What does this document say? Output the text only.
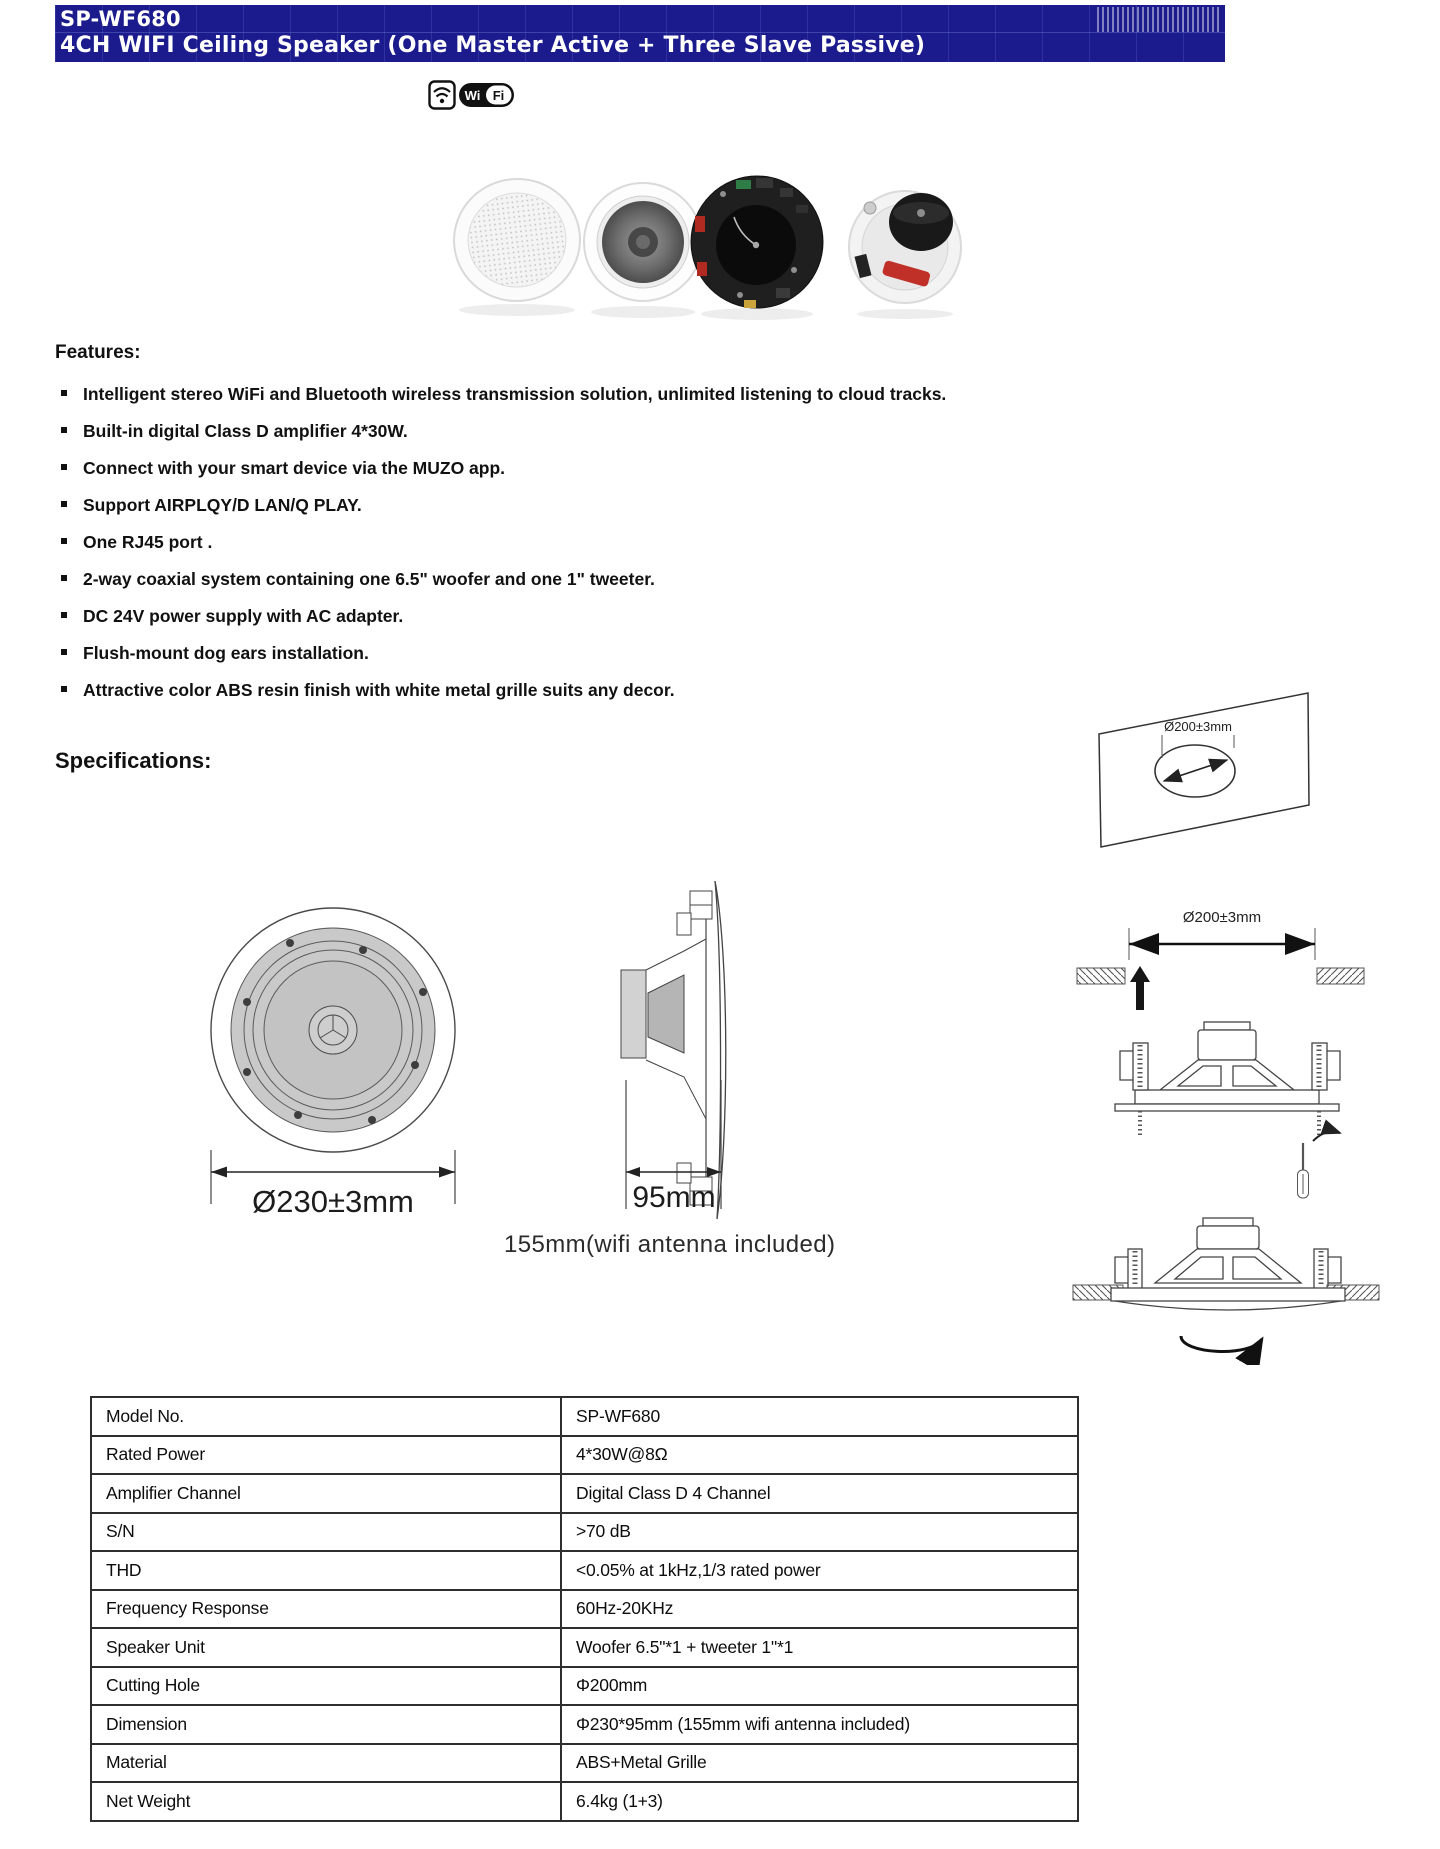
SP-WF680
4CH WIFI Ceiling Speaker (One Master Active + Three Slave Passive)
Wi Fi
Features:
Intelligent stereo WiFi and Bluetooth wireless transmission solution, unlimited listening to cloud tracks.
Built-in digital Class D amplifier 4*30W.
Connect with your smart device via the MUZO app.
Support AIRPLQY/D LAN/Q PLAY.
One RJ45 port .
2-way coaxial system containing one 6.5" woofer and one 1" tweeter.
DC 24V power supply with AC adapter.
Flush-mount dog ears installation.
Attractive color ABS resin finish with white metal grille suits any decor.
Specifications:
Ø200±3mm
Ø230±3mm	95mm
155mm(wifi antenna included)
Ø200±3mm
Model No.	SP-WF680
Rated Power	4*30W@8Ω
Amplifier Channel	Digital Class D 4 Channel
S/N	>70 dB
THD	<0.05% at 1kHz,1/3 rated power
Frequency Response	60Hz-20KHz
Speaker Unit	Woofer 6.5"*1 + tweeter 1"*1
Cutting Hole	Φ200mm
Dimension	Φ230*95mm (155mm wifi antenna included)
Material	ABS+Metal Grille
Net Weight	6.4kg (1+3)
